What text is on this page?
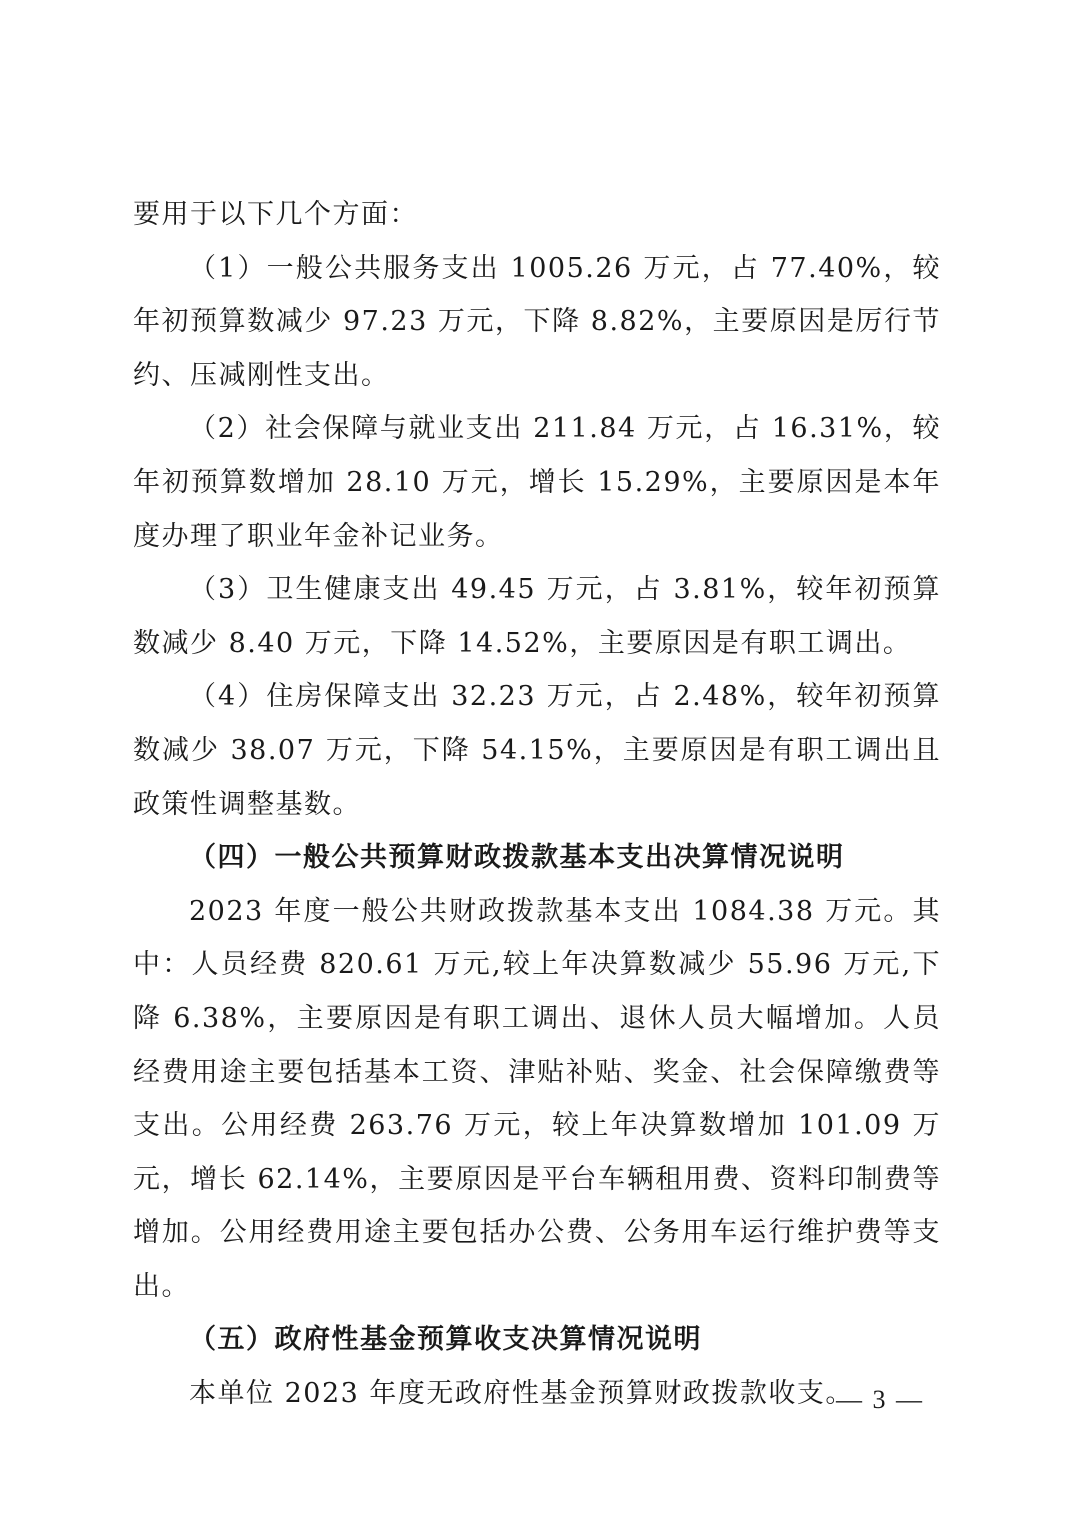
要用于以下几个方面：

（1）一般公共服务支出 1005.26 万元，占 77.40%，较年初预算数减少 97.23 万元，下降 8.82%，主要原因是厉行节约、压减刚性支出。

（2）社会保障与就业支出 211.84 万元，占 16.31%，较年初预算数增加 28.10 万元，增长 15.29%，主要原因是本年度办理了职业年金补记业务。

（3）卫生健康支出 49.45 万元，占 3.81%，较年初预算数减少 8.40 万元，下降 14.52%，主要原因是有职工调出。

（4）住房保障支出 32.23 万元，占 2.48%，较年初预算数减少 38.07 万元，下降 54.15%，主要原因是有职工调出且政策性调整基数。

（四）一般公共预算财政拨款基本支出决算情况说明

2023 年度一般公共财政拨款基本支出 1084.38 万元。其中：人员经费 820.61 万元,较上年决算数减少 55.96 万元,下降 6.38%，主要原因是有职工调出、退休人员大幅增加。人员经费用途主要包括基本工资、津贴补贴、奖金、社会保障缴费等支出。公用经费 263.76 万元，较上年决算数增加 101.09 万元，增长 62.14%，主要原因是平台车辆租用费、资料印制费等增加。公用经费用途主要包括办公费、公务用车运行维护费等支出。

（五）政府性基金预算收支决算情况说明

本单位 2023 年度无政府性基金预算财政拨款收支。

— 3 —
